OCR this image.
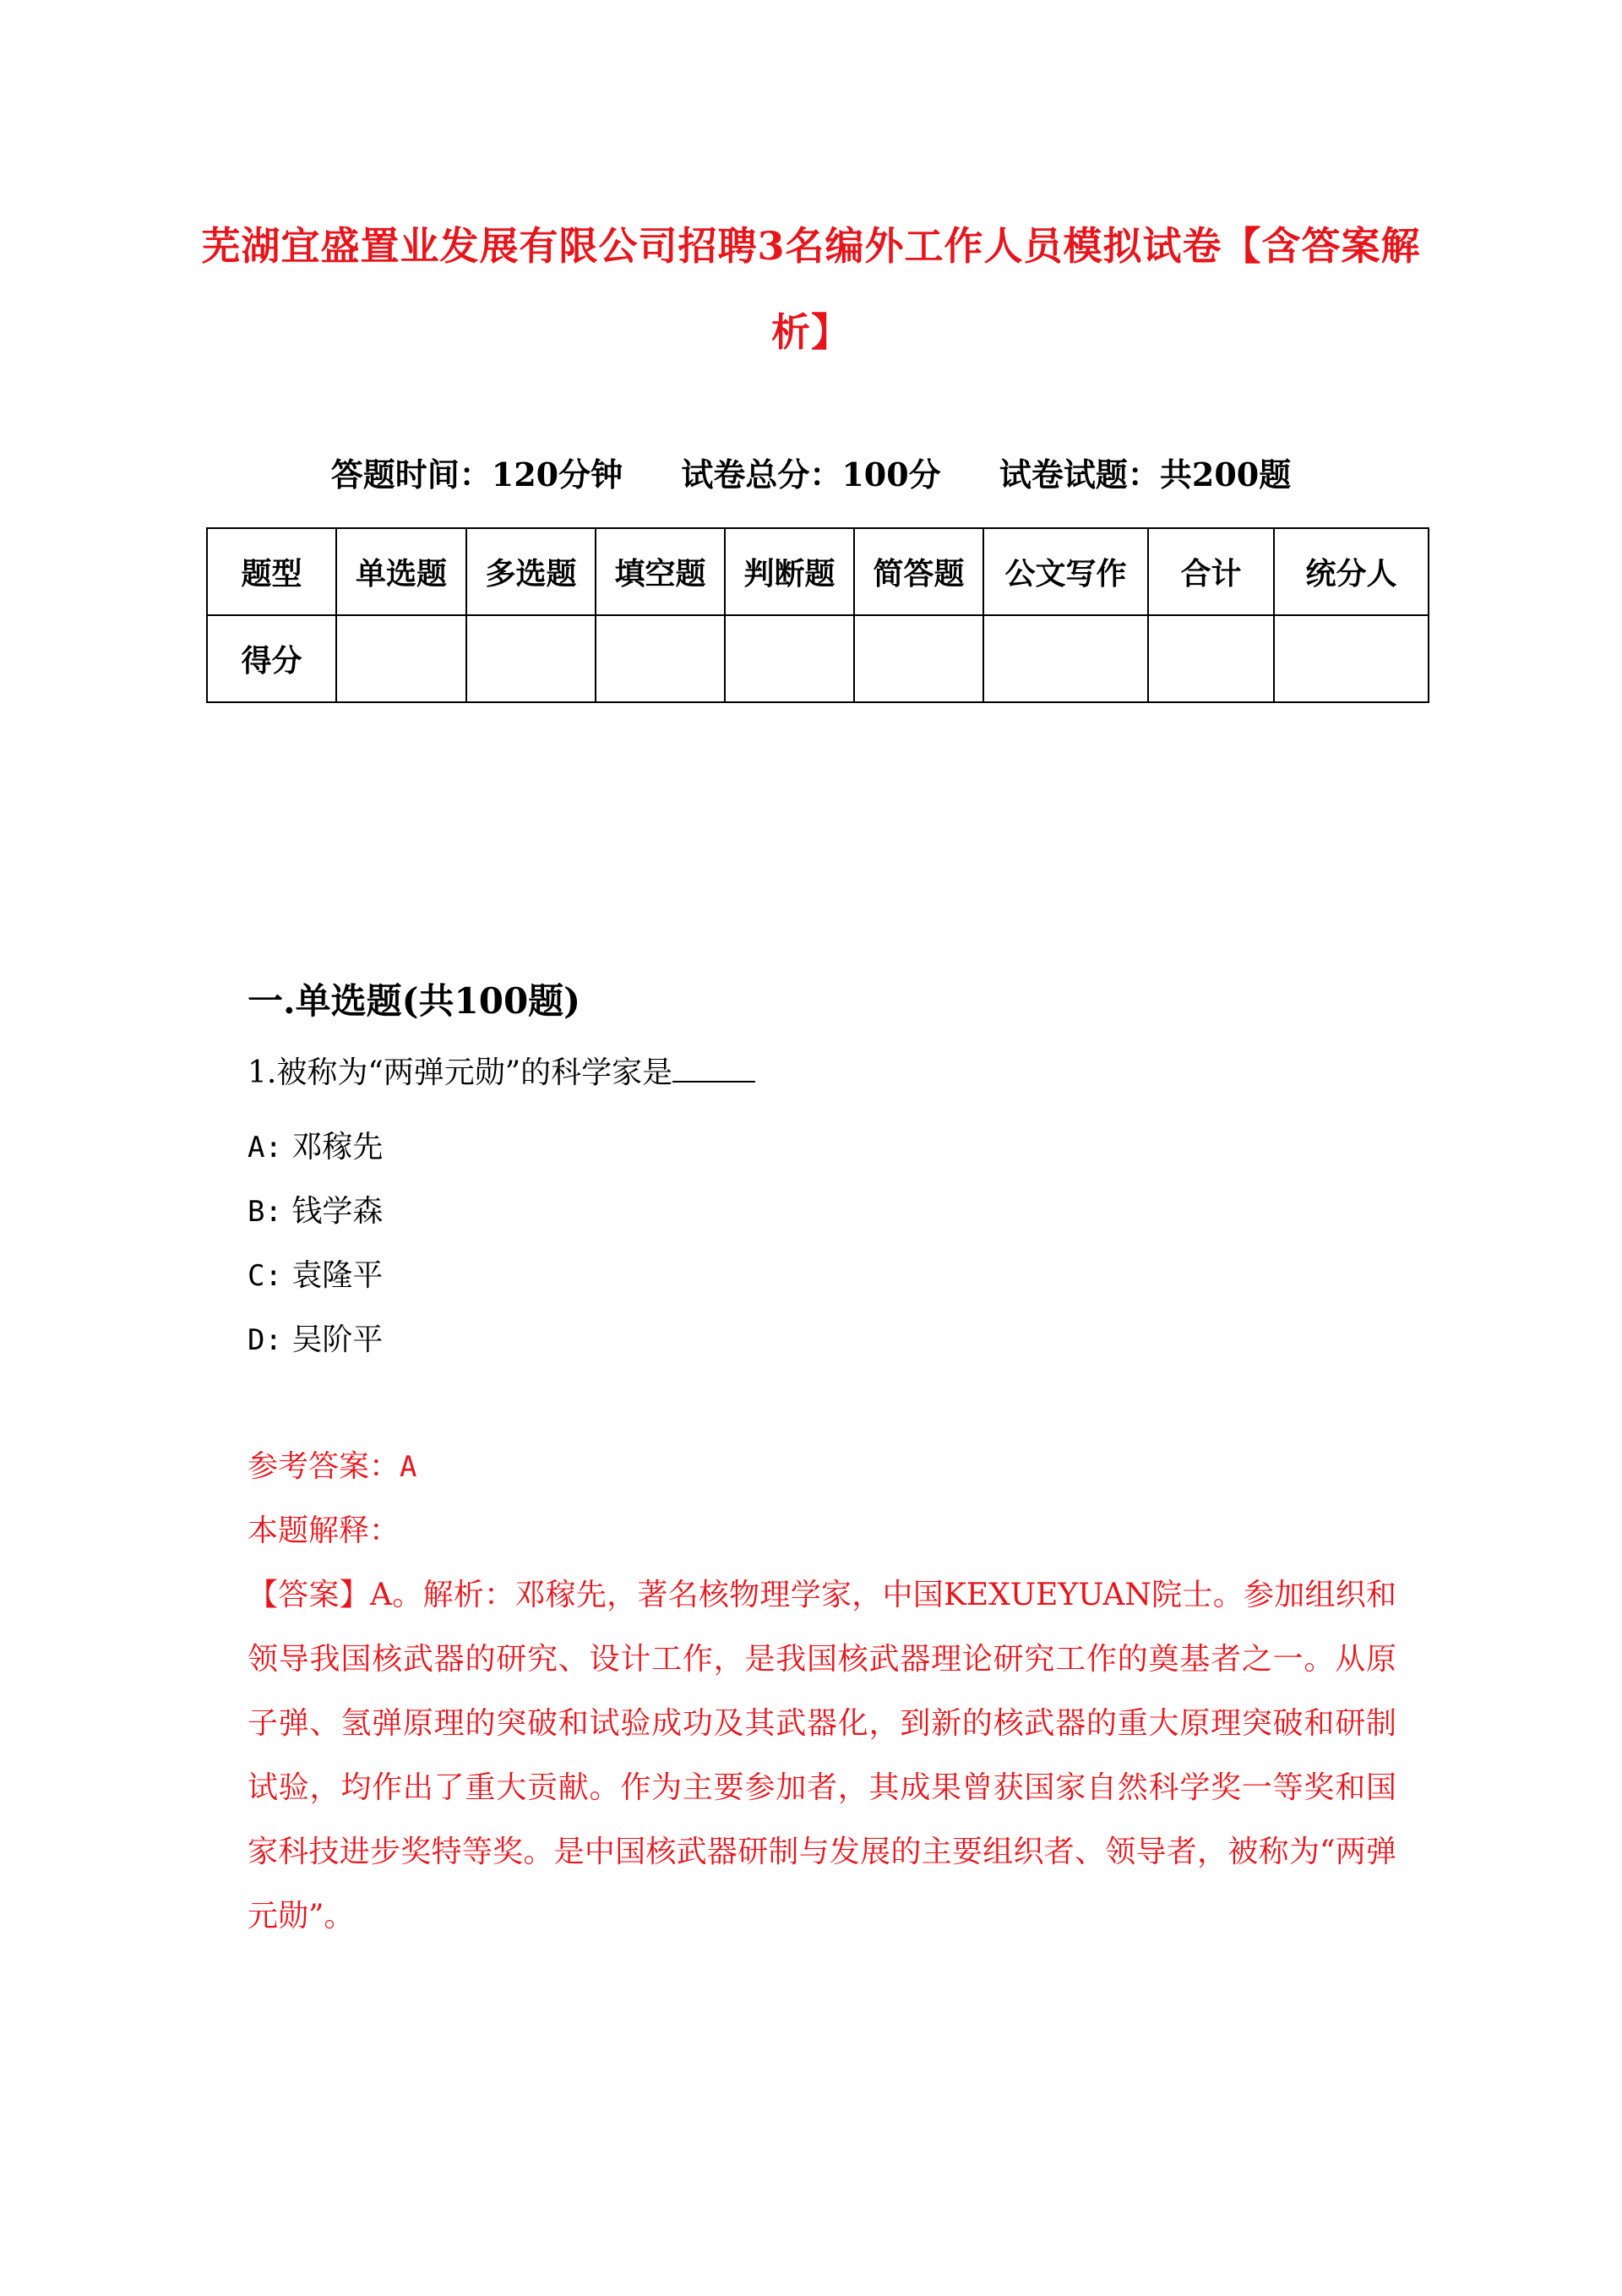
芜湖宜盛置业发展有限公司招聘3名编外工作人员模拟试卷【含答案解析】
答题时间：120分钟 试卷总分：100分 试卷试题：共200题
题型	单选题	多选题	填空题	判断题	简答题	公文写作	合计	统分人
得分								
一.单选题(共100题)
1.被称为“两弹元勋”的科学家是
A: 邓稼先
B: 钱学森
C: 袁隆平
D: 吴阶平
参考答案：A
本题解释：
【答案】A。解析：邓稼先，著名核物理学家，中国KEXUEYUAN院士。参加组织和领导我国核武器的研究、设计工作，是我国核武器理论研究工作的奠基者之一。从原子弹、氢弹原理的突破和试验成功及其武器化，到新的核武器的重大原理突破和研制试验，均作出了重大贡献。作为主要参加者，其成果曾获国家自然科学奖一等奖和国家科技进步奖特等奖。是中国核武器研制与发展的主要组织者、领导者，被称为“两弹元勋”。
